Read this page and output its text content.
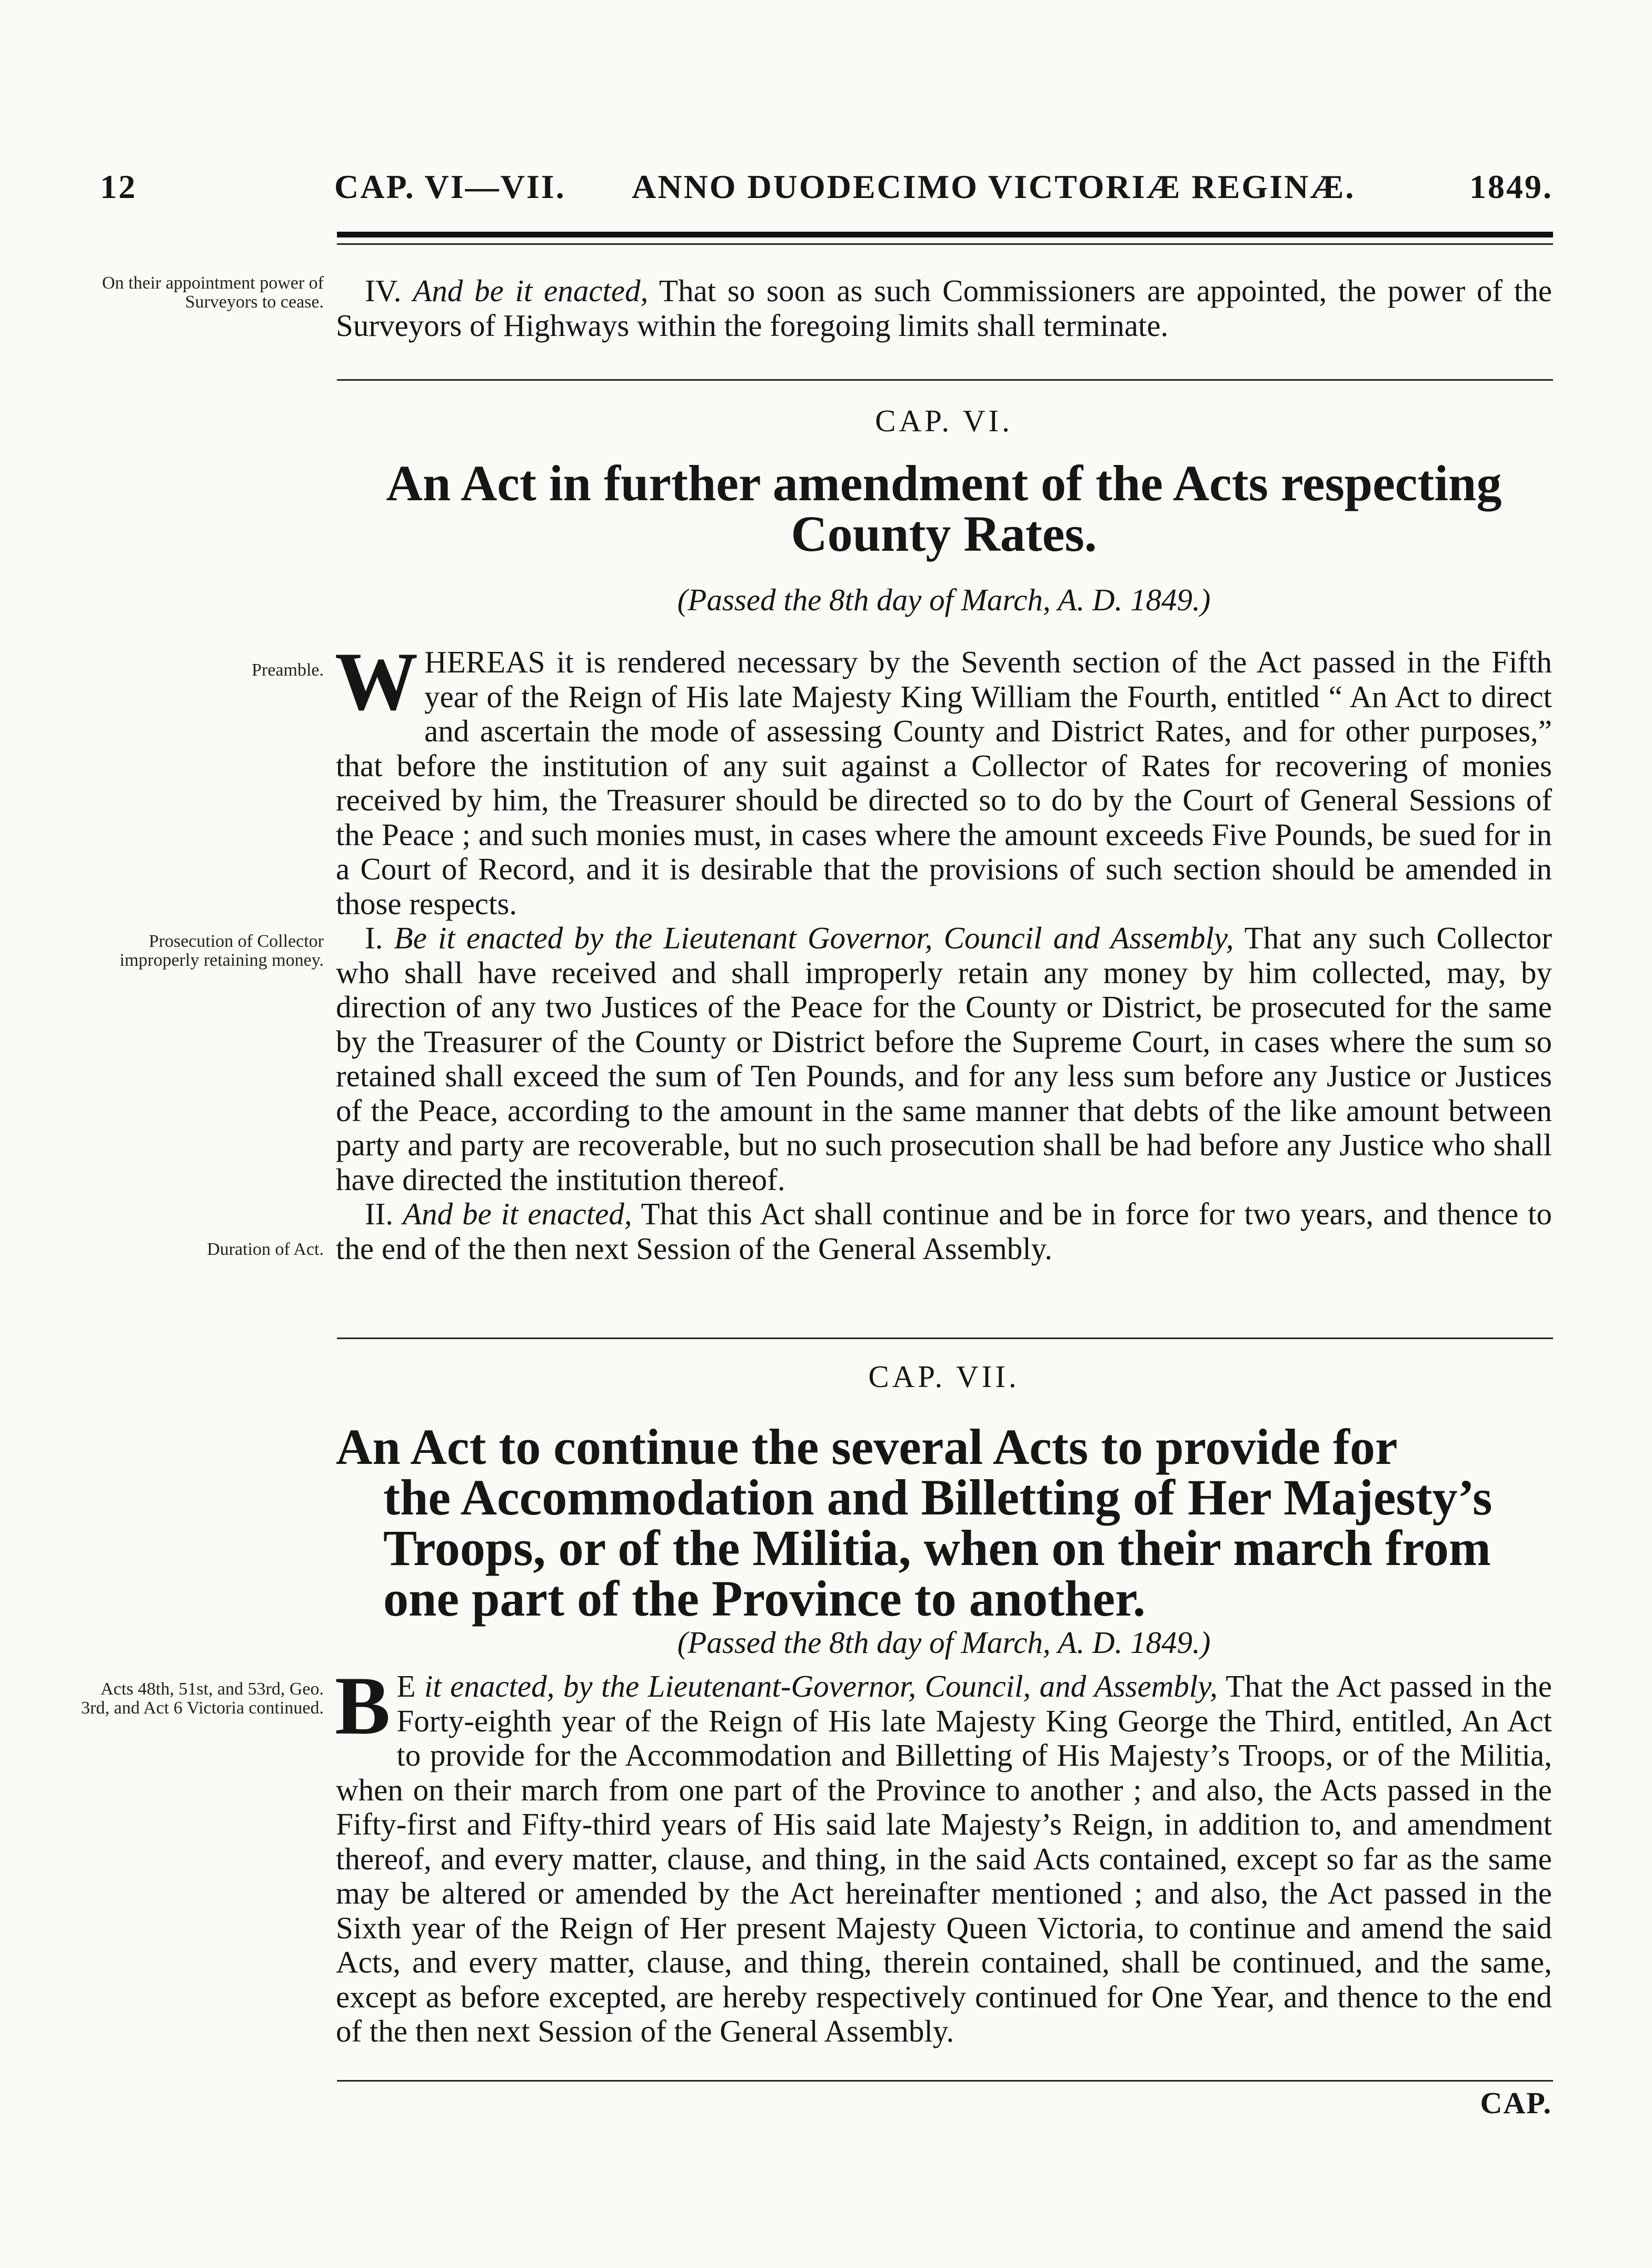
12	CAP. VI—VII. ANNO DUODECIMO VICTORIÆ REGINÆ.	1849.
On their appointment power of Surveyors to cease.	IV. And be it enacted, That so soon as such Commissioners are appointed, the power of the Surveyors of Highways within the foregoing limits shall terminate.

CAP. VI.
An Act in further amendment of the Acts respecting
County Rates.
(Passed the 8th day of March, A. D. 1849.)
Preamble.
Prosecution of Collector improperly retaining money.
Duration of Act.

W HEREAS it is rendered necessary by the Seventh section of the Act passed in the Fifth year of the Reign of His late Majesty King William the Fourth, entitled “ An Act to direct and ascertain the mode of assessing County and District Rates, and for other purposes,” that before the institution of any suit against a Collector of Rates for recovering of monies received by him, the Treasurer should be directed so to do by the Court of General Sessions of the Peace ; and such monies must, in cases where the amount exceeds Five Pounds, be sued for in a Court of Record, and it is desirable that the provisions of such section should be amended in those respects.

I. Be it enacted by the Lieutenant Governor, Council and Assembly, That any such Collector who shall have received and shall improperly retain any money by him collected, may, by direction of any two Justices of the Peace for the County or District, be prosecuted for the same by the Treasurer of the County or District before the Supreme Court, in cases where the sum so retained shall exceed the sum of Ten Pounds, and for any less sum before any Justice or Justices of the Peace, according to the amount in the same manner that debts of the like amount between party and party are recoverable, but no such prosecution shall be had before any Justice who shall have directed the institution thereof.

II. And be it enacted, That this Act shall continue and be in force for two years, and thence to the end of the then next Session of the General Assembly.

CAP. VII.
An Act to continue the several Acts to provide for
the Accommodation and Billetting of Her Majesty’s
Troops, or of the Militia, when on their march from
one part of the Province to another.
(Passed the 8th day of March, A. D. 1849.)
Acts 48th, 51st, and 53rd, Geo. 3rd, and Act 6 Victoria continued. B E it enacted, by the Lieutenant-Governor, Council, and Assembly, That the Act passed in the Forty-eighth year of the Reign of His late Majesty King George the Third, entitled, An Act to provide for the Accommodation and Billetting of His Majesty’s Troops, or of the Militia, when on their march from one part of the Province to another ; and also, the Acts passed in the Fifty-first and Fifty-third years of His said late Majesty’s Reign, in addition to, and amendment thereof, and every matter, clause, and thing, in the said Acts contained, except so far as the same may be altered or amended by the Act hereinafter mentioned ; and also, the Act passed in the Sixth year of the Reign of Her present Majesty Queen Victoria, to continue and amend the said Acts, and every matter, clause, and thing, therein contained, shall be continued, and the same, except as before excepted, are hereby respectively continued for One Year, and thence to the end of the then next Session of the General Assembly.

CAP.
